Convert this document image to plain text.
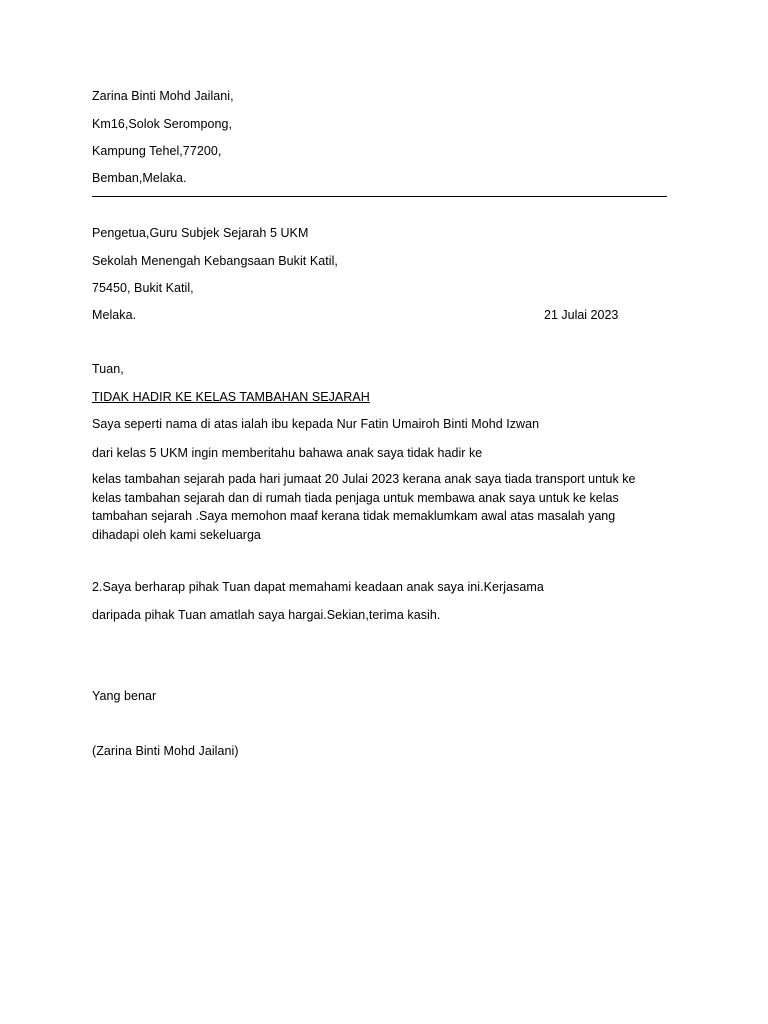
Zarina Binti Mohd Jailani,
Km16,Solok Serompong,
Kampung Tehel,77200,
Bemban,Melaka.
Pengetua,Guru Subjek Sejarah 5 UKM
Sekolah Menengah Kebangsaan Bukit Katil,
75450, Bukit Katil,
Melaka.	21 Julai 2023
Tuan,
TIDAK HADIR KE KELAS TAMBAHAN SEJARAH
Saya seperti nama di atas ialah ibu kepada Nur Fatin Umairoh Binti Mohd Izwan
dari kelas 5 UKM ingin memberitahu bahawa anak saya tidak hadir ke
kelas tambahan sejarah pada hari jumaat 20 Julai 2023 kerana anak saya tiada transport untuk ke
kelas tambahan sejarah dan di rumah tiada penjaga untuk membawa anak saya untuk ke kelas
tambahan sejarah .Saya memohon maaf kerana tidak memaklumkam awal atas masalah yang
dihadapi oleh kami sekeluarga
2.Saya berharap pihak Tuan dapat memahami keadaan anak saya ini.Kerjasama
daripada pihak Tuan amatlah saya hargai.Sekian,terima kasih.
Yang benar
(Zarina Binti Mohd Jailani)
